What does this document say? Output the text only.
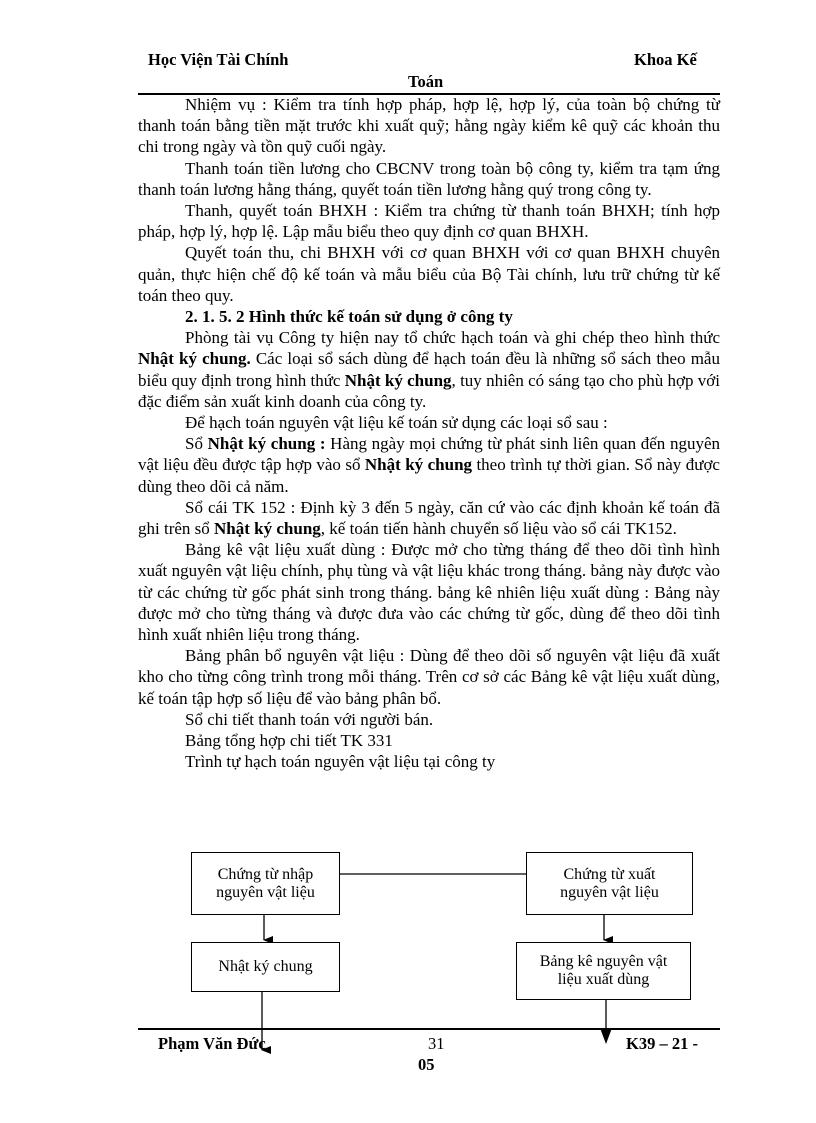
Học Viện Tài Chính	Khoa Kế
Toán

Nhiệm vụ : Kiểm tra tính hợp pháp, hợp lệ, hợp lý, của toàn bộ chứng từ thanh toán bằng tiền mặt trước khi xuất quỹ; hằng ngày kiểm kê quỹ các khoản thu chi trong ngày và tồn quỹ cuối ngày.

Thanh toán tiền lương cho CBCNV trong toàn bộ công ty, kiểm tra tạm ứng thanh toán lương hằng tháng, quyết toán tiền lương hằng quý trong công ty.

Thanh, quyết toán BHXH : Kiểm tra chứng từ thanh toán BHXH; tính hợp pháp, hợp lý, hợp lệ. Lập mẫu biểu theo quy định cơ quan BHXH.

Quyết toán thu, chi BHXH với cơ quan BHXH với cơ quan BHXH chuyên quản, thực hiện chế độ kế toán và mẫu biểu của Bộ Tài chính, lưu trữ chứng từ kế toán theo quy.

2. 1. 5. 2 Hình thức kế toán sử dụng ở công ty

Phòng tài vụ Công ty hiện nay tổ chức hạch toán và ghi chép theo hình thức Nhật ký chung. Các loại sổ sách dùng để hạch toán đều là những sổ sách theo mẫu biểu quy định trong hình thức Nhật ký chung, tuy nhiên có sáng tạo cho phù hợp với đặc điểm sản xuất kinh doanh của công ty.

Để hạch toán nguyên vật liệu kế toán sử dụng các loại sổ sau :

Sổ Nhật ký chung : Hàng ngày mọi chứng từ phát sinh liên quan đến nguyên vật liệu đều được tập hợp vào sổ Nhật ký chung theo trình tự thời gian. Sổ này được dùng theo dõi cả năm.

Sổ cái TK 152 : Định kỳ 3 đến 5 ngày, căn cứ vào các định khoản kế toán đã ghi trên sổ Nhật ký chung, kế toán tiến hành chuyển số liệu vào sổ cái TK152.

Bảng kê vật liệu xuất dùng : Được mở cho từng tháng để theo dõi tình hình xuất nguyên vật liệu chính, phụ tùng và vật liệu khác trong tháng. bảng này được vào từ các chứng từ gốc phát sinh trong tháng. bảng kê nhiên liệu xuất dùng : Bảng này được mở cho từng tháng và được đưa vào các chứng từ gốc, dùng để theo dõi tình hình xuất nhiên liệu trong tháng.

Bảng phân bổ nguyên vật liệu : Dùng để theo dõi số nguyên vật liệu đã xuất kho cho từng công trình trong mỗi tháng. Trên cơ sở các Bảng kê vật liệu xuất dùng, kế toán tập hợp số liệu để vào bảng phân bổ.

Sổ chi tiết thanh toán với người bán.

Bảng tổng hợp chi tiết TK 331

Trình tự hạch toán nguyên vật liệu tại công ty

Chứng từ nhập
nguyên vật liệu
Chứng từ xuất
nguyên vật liệu
Nhật ký chung	Bảng kê nguyên vật
liệu xuất dùng
Phạm Văn Đức	31	K39 – 21 -
05
